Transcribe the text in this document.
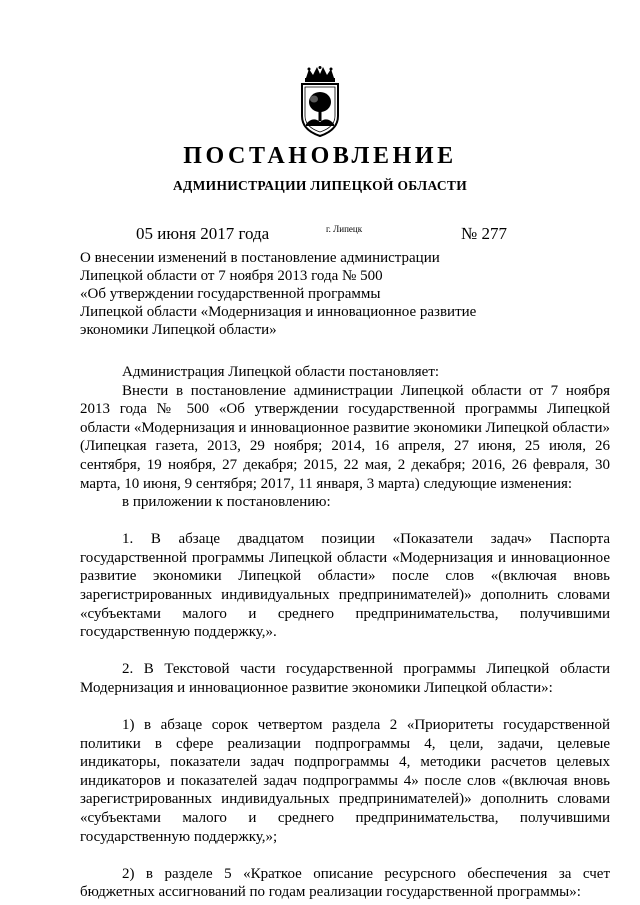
ПОСТАНОВЛЕНИЕ
АДМИНИСТРАЦИИ ЛИПЕЦКОЙ ОБЛАСТИ
05 июня 2017 года	г. Липецк	№ 277
О внесении изменений в постановление администрации
Липецкой области от 7 ноября 2013 года № 500
«Об утверждении государственной программы
Липецкой области «Модернизация и инновационное развитие
экономики Липецкой области»
Администрация Липецкой области постановляет:
Внести в постановление администрации Липецкой области от 7 ноября 2013 года № 500 «Об утверждении государственной программы Липецкой области «Модернизация и инновационное развитие экономики Липецкой области» (Липецкая газета, 2013, 29 ноября; 2014, 16 апреля, 27 июня, 25 июля, 26 сентября, 19 ноября, 27 декабря; 2015, 22 мая, 2 декабря; 2016, 26 февраля, 30 марта, 10 июня, 9 сентября; 2017, 11 января, 3 марта) следующие изменения:
в приложении к постановлению:
1. В абзаце двадцатом позиции «Показатели задач» Паспорта государственной программы Липецкой области «Модернизация и инновационное развитие экономики Липецкой области» после слов «(включая вновь зарегистрированных индивидуальных предпринимателей)» дополнить словами «субъектами малого и среднего предпринимательства, получившими государственную поддержку,».
2. В Текстовой части государственной программы Липецкой области Модернизация и инновационное развитие экономики Липецкой области»:
1) в абзаце сорок четвертом раздела 2 «Приоритеты государственной политики в сфере реализации подпрограммы 4, цели, задачи, целевые индикаторы, показатели задач подпрограммы 4, методики расчетов целевых индикаторов и показателей задач подпрограммы 4» после слов «(включая вновь зарегистрированных индивидуальных предпринимателей)» дополнить словами «субъектами малого и среднего предпринимательства, получившими государственную поддержку,»;
2) в разделе 5 «Краткое описание ресурсного обеспечения за счет бюджетных ассигнований по годам реализации государственной программы»:
